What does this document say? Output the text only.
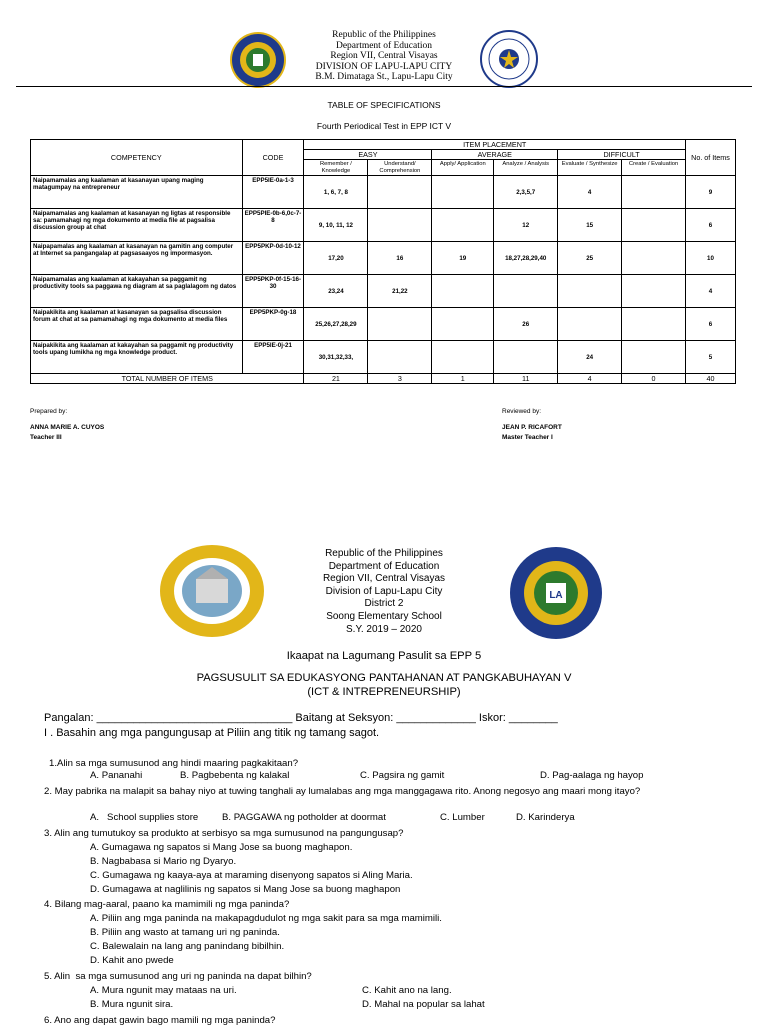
Republic of the Philippines
Department of Education
Region VII, Central Visayas
DIVISION OF LAPU-LAPU CITY
B.M. Dimataga St., Lapu-Lapu City
TABLE OF SPECIFICATIONS
Fourth Periodical Test in EPP ICT V
COMPETENCY	CODE	ITEM PLACEMENT						No. of Items
		EASY		AVERAGE		DIFFICULT		
		Remember / Knowledge	Understand/ Comprehension	Apply/ Application	Analyze / Analysis	Evaluate / Synthesize	Create / Evaluation	
Naipamamalas ang kaalaman at kasanayan upang maging matagumpay na entrepreneur	EPP5IE-0a-1-3	1, 6, 7, 8			2,3,5,7	4		9
Naipamamalas ang kaalaman at kasanayan ng ligtas at responsible sa: pamamahagi ng mga dokumento at media file at pagsalisa discussion group at chat	EPP5PIE-0b-6,0c-7-8	9, 10, 11, 12			12	15		6
Naipapamalas ang kaalaman at kasanayan na gamitin ang computer at Internet sa pangangalap at pagsasaayos ng impormasyon.	EPP5PKP-0d-10-12	17,20	16	19	18,27,28,29,40	25		10
Naipamamalas ang kaalaman at kakayahan sa paggamit ng productivity tools sa paggawa ng diagram at sa paglalagom ng datos	EPP5PKP-0f-15-16-30	23,24	21,22					4
Naipakikita ang kaalaman at kasanayan sa pagsalisa discussion forum at chat at sa pamamahagi ng mga dokumento at media files	EPP5PKP-0g-18	25,26,27,28,29			26			6
Naipakikita ang kaalaman at kakayahan sa paggamit ng productivity tools upang lumikha ng mga knowledge product.	EPP5IE-0j-21	30,31,32,33,				24		5
TOTAL NUMBER OF ITEMS		21	3	1	11	4	0	40
Prepared by:
ANNA MARIE A. CUYOS
Teacher III
Reviewed by:
JEAN P. RICAFORT
Master Teacher I
LA
Republic of the Philippines
Department of Education
Region VII, Central Visayas
Division of Lapu-Lapu City
District 2
Soong Elementary School
S.Y. 2019 – 2020
Ikaapat na Lagumang Pasulit sa EPP 5
PAGSUSULIT SA EDUKASYONG PANTAHANAN AT PANGKABUHAYAN V
(ICT & INTREPRENEURSHIP)
Pangalan: ________________________________ Baitang at Seksyon: _____________ Iskor: ________
I . Basahin ang mga pangungusap at Piliin ang titik ng tamang sagot.
1.Alin sa mga sumusunod ang hindi maaring pagkakitaan?
A. Pananahi	B. Pagbebenta ng kalakal	C. Pagsira ng gamit	D. Pag-aalaga ng hayop
2. May pabrika na malapit sa bahay niyo at tuwing tanghali ay lumalabas ang mga manggagawa rito. Anong negosyo ang maari mong itayo?
A.   School supplies store B. PAGGAWA ng potholder at doormat	C. Lumber	D. Karinderya
3. Alin ang tumutukoy sa produkto at serbisyo sa mga sumusunod na pangungusap?
A. Gumagawa ng sapatos si Mang Jose sa buong maghapon.
B. Nagbabasa si Mario ng Dyaryo.
C. Gumagawa ng kaaya-aya at maraming disenyong sapatos si Aling Maria.
D. Gumagawa at naglilinis ng sapatos si Mang Jose sa buong maghapon
4. Bilang mag-aaral, paano ka mamimili ng mga paninda?
A. Piliin ang mga paninda na makapagdudulot ng mga sakit para sa mga mamimili.
B. Piliin ang wasto at tamang uri ng paninda.
C. Balewalain na lang ang panindang bibilhin.
D. Kahit ano pwede
5. Alin  sa mga sumusunod ang uri ng paninda na dapat bilhin?
A. Mura ngunit may mataas na uri.	C. Kahit ano na lang.
B. Mura ngunit sira.	D. Mahal na popular sa lahat
6. Ano ang dapat gawin bago mamili ng mga paninda?
